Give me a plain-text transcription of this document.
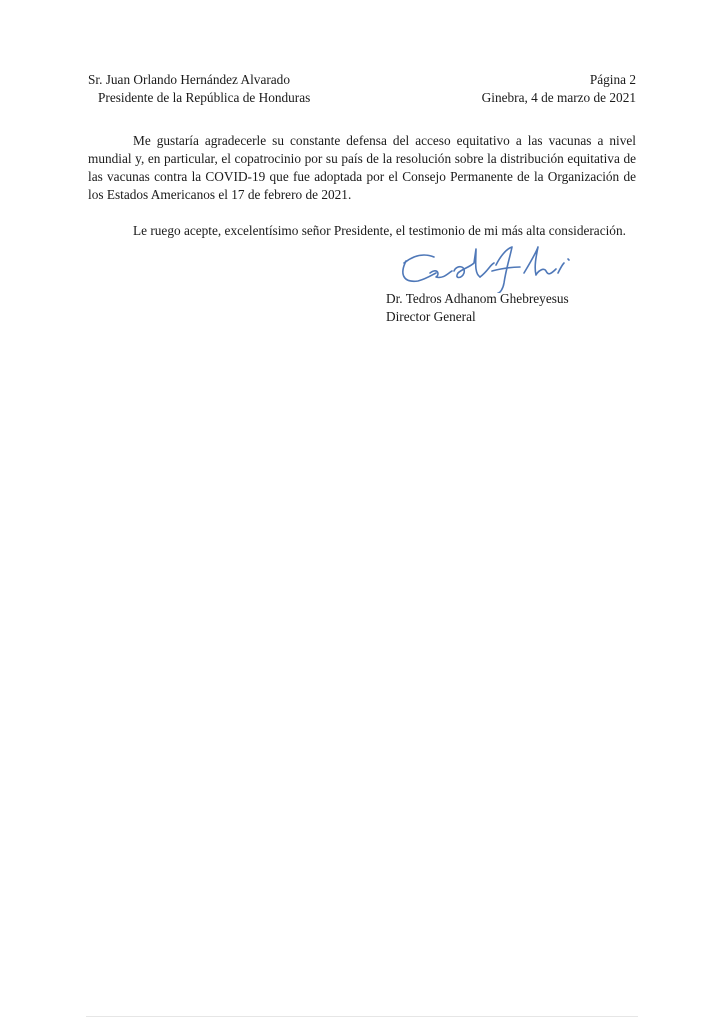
Sr. Juan Orlando Hernández Alvarado
Presidente de la República de Honduras
Página 2
Ginebra, 4 de marzo de 2021

Me gustaría agradecerle su constante defensa del acceso equitativo a las vacunas a nivel mundial y, en particular, el copatrocinio por su país de la resolución sobre la distribución equitativa de las vacunas contra la COVID-19 que fue adoptada por el Consejo Permanente de la Organización de los Estados Americanos el 17 de febrero de 2021.

Le ruego acepte, excelentísimo señor Presidente, el testimonio de mi más alta consideración.

Dr. Tedros Adhanom Ghebreyesus
Director General
